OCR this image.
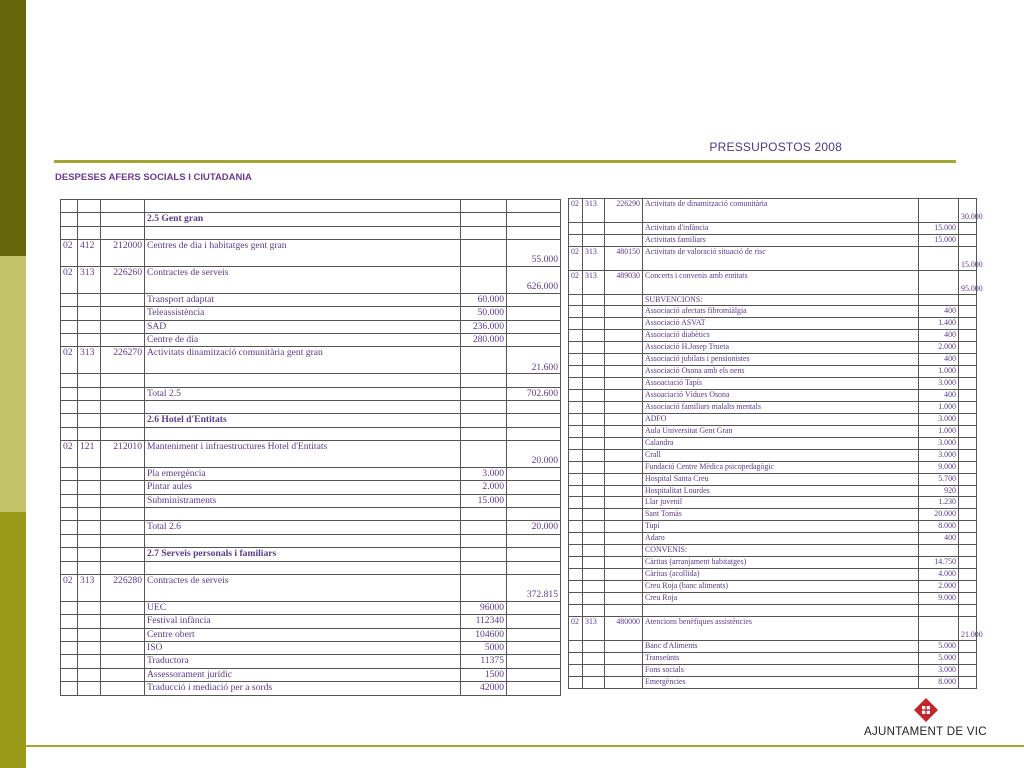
PRESSUPOSTOS 2008
DESPESES AFERS SOCIALS I CIUTADANIA

			2.5 Gent gran		

02	412	212000	Centres de dia i habitatges gent gran		55.000
02	313	226260	Contractes de serveis		626.000
			Transport adaptat	60.000	
			Teleassistència	50.000	
			SAD	236.000	
			Centre de dia	280.000	
02	313	226270	Activitats dinamització comunitària gent gran		21.600

			Total 2.5		702.600

			2.6 Hotel d'Entitats		

02	121	212010	Manteniment i infraestructures Hotel d'Entitats		20.000
			Pla emergència	3.000	
			Pintar aules	2.000	
			Subministraments	15.000	

			Total 2.6		20.000

			2.7 Serveis personals i familiars		

02	313	226280	Contractes de serveis		372.815
			UEC	96000	
			Festival infància	112340	
			Centre obert	104600	
			ISO	5000	
			Traductora	11375	
			Assessorament jurídic	1500	
			Traducció i mediació per a sords	42000	
02	313	226290	Activitats de dinamització comunitària		30.000
			Activitats d'infància	15.000	
			Activitats familiars	15.000	
02	313	480150	Activitats de valoració situació de risc		15.000
02	313	489030	Concerts i convenis amb entitats		95.000
			SUBVENCIONS:		
			Associació afectats fibromiàlgia	400	
			Associació ASVAT	1.400	
			Associació diabètics	400	
			Associació H.Josep Trueta	2.000	
			Associació jubilats i pensionistes	400	
			Associació Osona amb els nens	1.000	
			Assoaciació Tapís	3.000	
			Assoaciació Vídues Osona	400	
			Associació familiars malalts mentals	1.000	
			ADFO	3.000	
			Aula Universitat Gent Gran	1.000	
			Calandra	3.000	
			Crall	3.000	
			Fundació Centre Mèdica psicopedagògic	9.000	
			Hospital Santa Creu	5.700	
			Hospitalitat Lourdes	920	
			Llar juvenil	1.230	
			Sant Tomàs	20.000	
			Tupí	8.000	
			Adaro	400	
			CONVENIS:		
			Càritas (arranjament habitatges)	14.750	
			Càritas (acollida)	4.000	
			Creu Roja (banc aliments)	2.000	
			Creu Roja	9.000	

02	313	480000	Atencions benèfiques assistències		21.000
			Banc d'Aliments	5.000	
			Transeünts	5.000	
			Fons socials	3.000	
			Emergències	8.000	
AJUNTAMENT DE VIC
